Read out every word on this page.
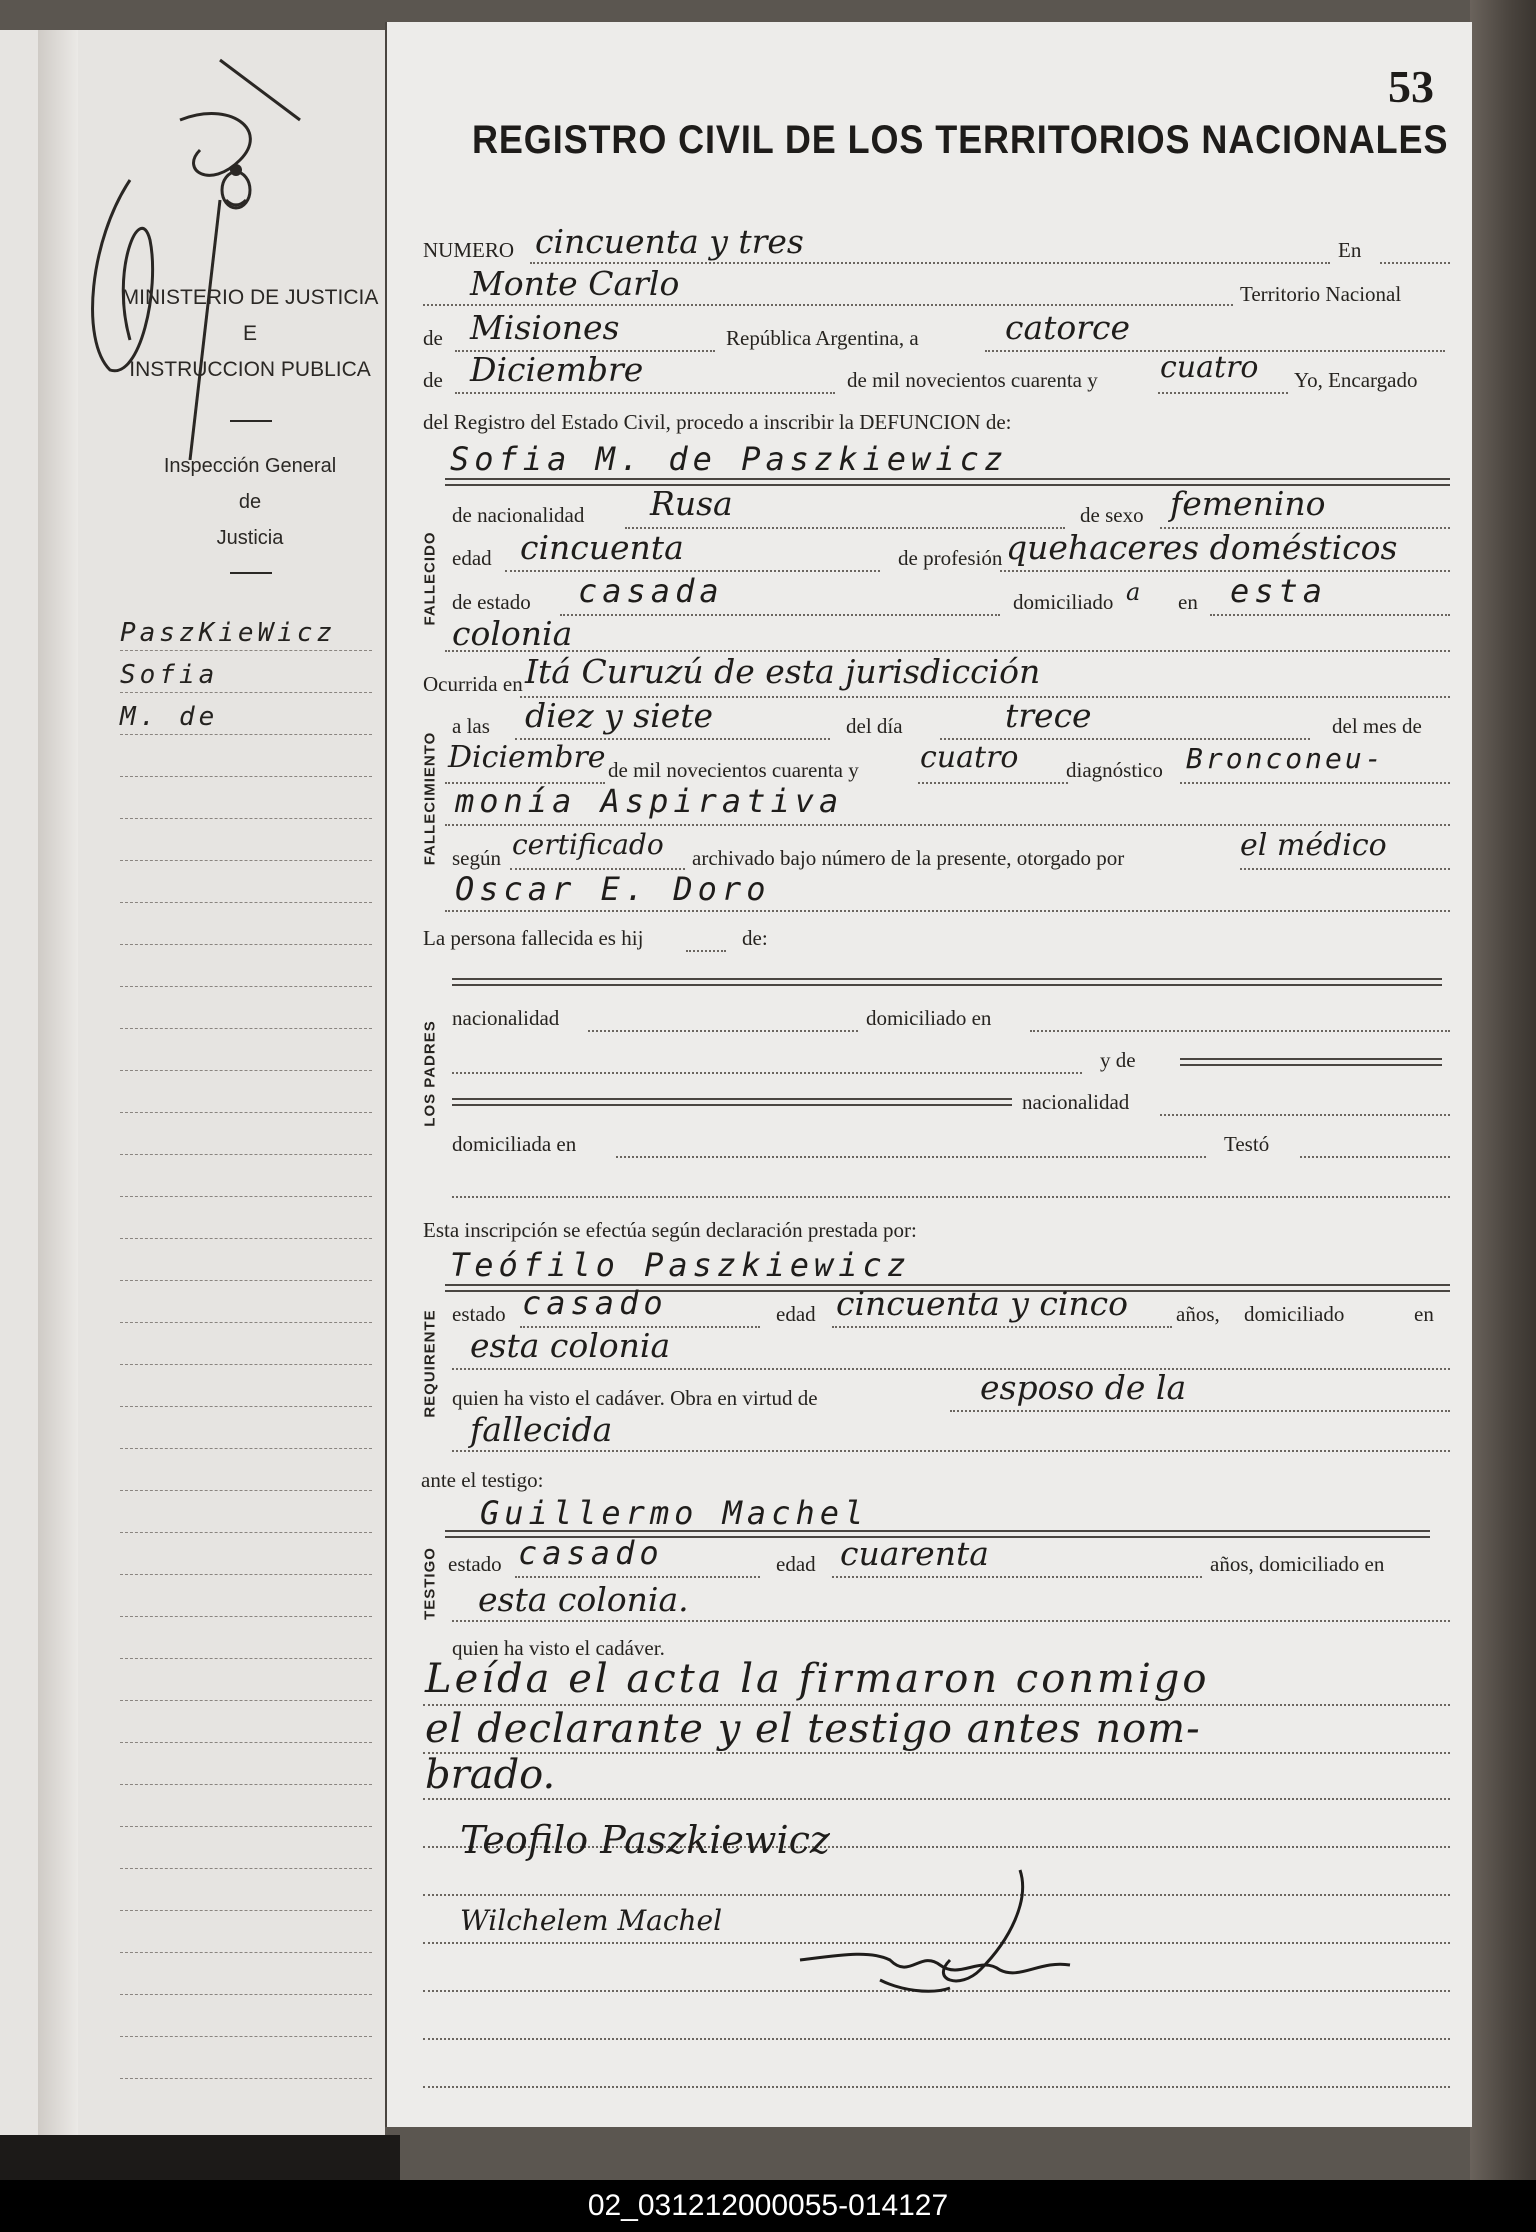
MINISTERIO DE JUSTICIA
E
INSTRUCCION PUBLICA
Inspección General
de
Justicia
PaszKieWicz
Sofia
M. de
53
REGISTRO CIVIL DE LOS TERRITORIOS NACIONALES
NUMERO cincuenta y tres	En
Monte Carlo	Territorio Nacional
de Misiones	República Argentina, a	catorce
de Diciembre	de mil novecientos cuarenta y cuatro Yo, Encargado
del Registro del Estado Civil, procedo a inscribir la DEFUNCION de:
FALLECIDO
Sofia M. de Paszkiewicz
de nacionalidad Rusa	de sexo femenino
edad cincuenta	de profesión quehaceres domésticos
de estado casada	domiciliado a en esta
colonia
FALLECIMIENTO
Ocurrida en Itá Curuzú de esta jurisdicción
a las diez y siete	del día	trece	del mes de
Diciembre de mil novecientos cuarenta y cuatro diagnóstico Bronconeu-
monía Aspirativa
según certificado archivado bajo número de la presente, otorgado por	el médico
Oscar E. Doro
LOS PADRES
La persona fallecida es hij	de:
nacionalidad	domiciliado en
y de
nacionalidad
domiciliada en	Testó
REQUIRENTE
Esta inscripción se efectúa según declaración prestada por:
Teófilo Paszkiewicz
estado casado	edad cincuenta y cinco años, domiciliado	en
esta colonia
quien ha visto el cadáver. Obra en virtud de	esposo de la
fallecida
TESTIGO
ante el testigo:
Guillermo Machel
estado casado	edad cuarenta	años, domiciliado en
esta colonia.
quien ha visto el cadáver.
Leída el acta la firmaron conmigo
el declarante y el testigo antes nom-
brado.
Teofilo Paszkiewicz
Wilchelem Machel
02_031212000055-014127
